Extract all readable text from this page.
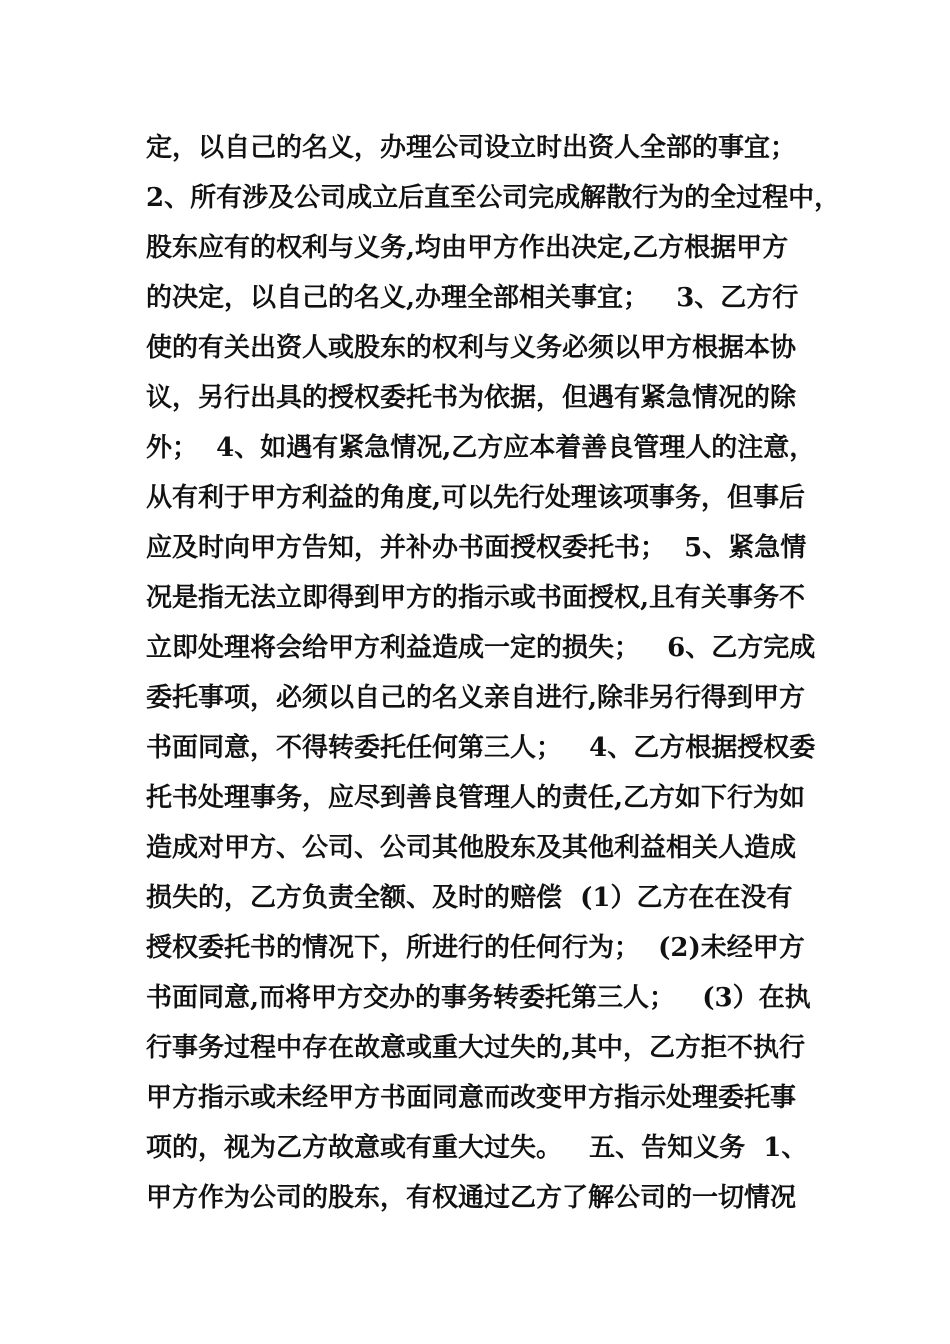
定，以自己的名义，办理公司设立时出资人全部的事宜；
2、所有涉及公司成立后直至公司完成解散行为的全过程中，
股东应有的权利与义务,均由甲方作出决定,乙方根据甲方
的决定，以自己的名义,办理全部相关事宜；   3、乙方行
使的有关出资人或股东的权利与义务必须以甲方根据本协
议，另行出具的授权委托书为依据，但遇有紧急情况的除
外；  4、如遇有紧急情况,乙方应本着善良管理人的注意，
从有利于甲方利益的角度,可以先行处理该项事务，但事后
应及时向甲方告知，并补办书面授权委托书；  5、紧急情
况是指无法立即得到甲方的指示或书面授权,且有关事务不
立即处理将会给甲方利益造成一定的损失；   6、乙方完成
委托事项，必须以自己的名义亲自进行,除非另行得到甲方
书面同意，不得转委托任何第三人；   4、乙方根据授权委
托书处理事务，应尽到善良管理人的责任,乙方如下行为如
造成对甲方、公司、公司其他股东及其他利益相关人造成
损失的，乙方负责全额、及时的赔偿  (1）乙方在在没有
授权委托书的情况下，所进行的任何行为；  (2)未经甲方
书面同意,而将甲方交办的事务转委托第三人；   (3）在执
行事务过程中存在故意或重大过失的,其中，乙方拒不执行
甲方指示或未经甲方书面同意而改变甲方指示处理委托事
项的，视为乙方故意或有重大过失。   五、告知义务  1、
甲方作为公司的股东，有权通过乙方了解公司的一切情况
